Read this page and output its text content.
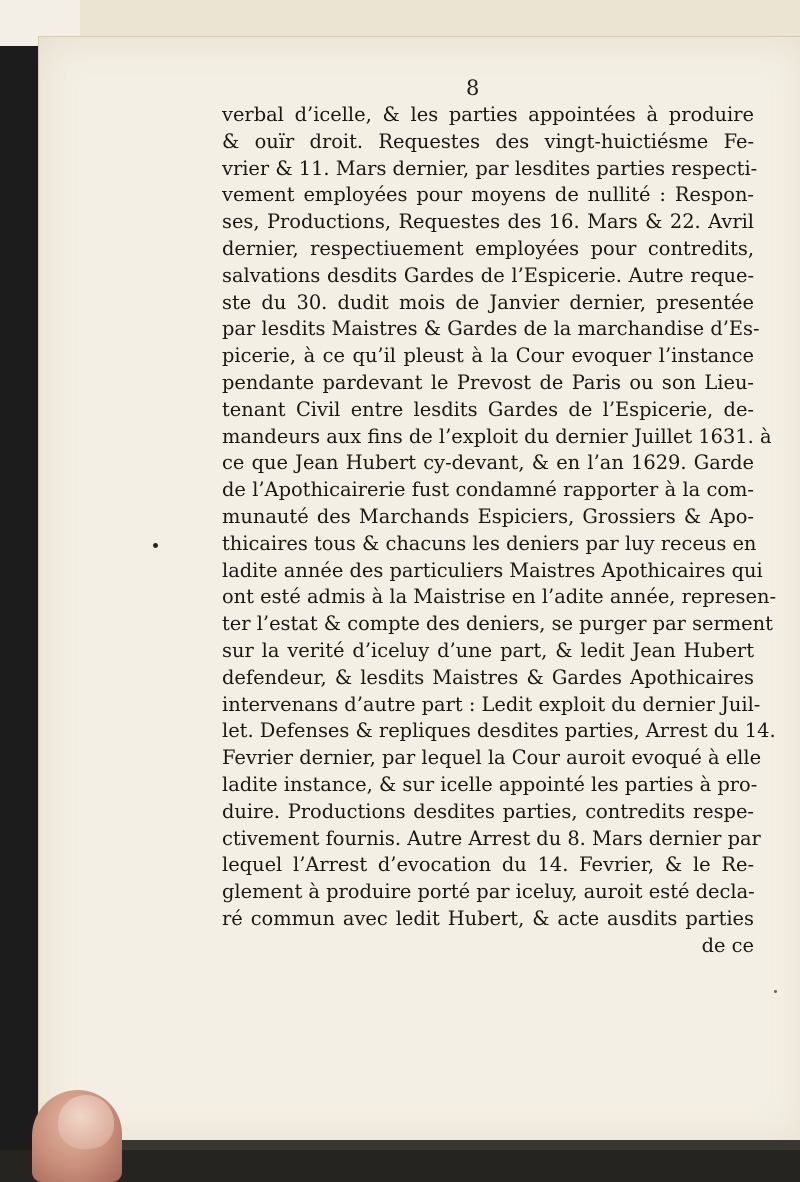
8
verbal d’icelle, & les parties appointées à produire
& ouïr droit. Requestes des vingt-huictiésme Fe-
vrier & 11. Mars dernier, par lesdites parties respecti-
vement employées pour moyens de nullité : Respon-
ses, Productions, Requestes des 16. Mars & 22. Avril
dernier, respectiuement employées pour contredits,
salvations desdits Gardes de l’Espicerie. Autre reque-
ste du 30. dudit mois de Janvier dernier, presentée
par lesdits Maistres & Gardes de la marchandise d’Es-
picerie, à ce qu’il pleust à la Cour evoquer l’instance
pendante pardevant le Prevost de Paris ou son Lieu-
tenant Civil entre lesdits Gardes de l’Espicerie, de-
mandeurs aux fins de l’exploit du dernier Juillet 1631. à
ce que Jean Hubert cy-devant, & en l’an 1629. Garde
de l’Apothicairerie fust condamné rapporter à la com-
munauté des Marchands Espiciers, Grossiers & Apo-
thicaires tous & chacuns les deniers par luy receus en
ladite année des particuliers Maistres Apothicaires qui
ont esté admis à la Maistrise en l’adite année, represen-
ter l’estat & compte des deniers, se purger par serment
sur la verité d’iceluy d’une part, & ledit Jean Hubert
defendeur, & lesdits Maistres & Gardes Apothicaires
intervenans d’autre part : Ledit exploit du dernier Juil-
let. Defenses & repliques desdites parties, Arrest du 14.
Fevrier dernier, par lequel la Cour auroit evoqué à elle
ladite instance, & sur icelle appointé les parties à pro-
duire. Productions desdites parties, contredits respe-
ctivement fournis. Autre Arrest du 8. Mars dernier par
lequel l’Arrest d’evocation du 14. Fevrier, & le Re-
glement à produire porté par iceluy, auroit esté decla-
ré commun avec ledit Hubert, & acte ausdits parties
de ce
